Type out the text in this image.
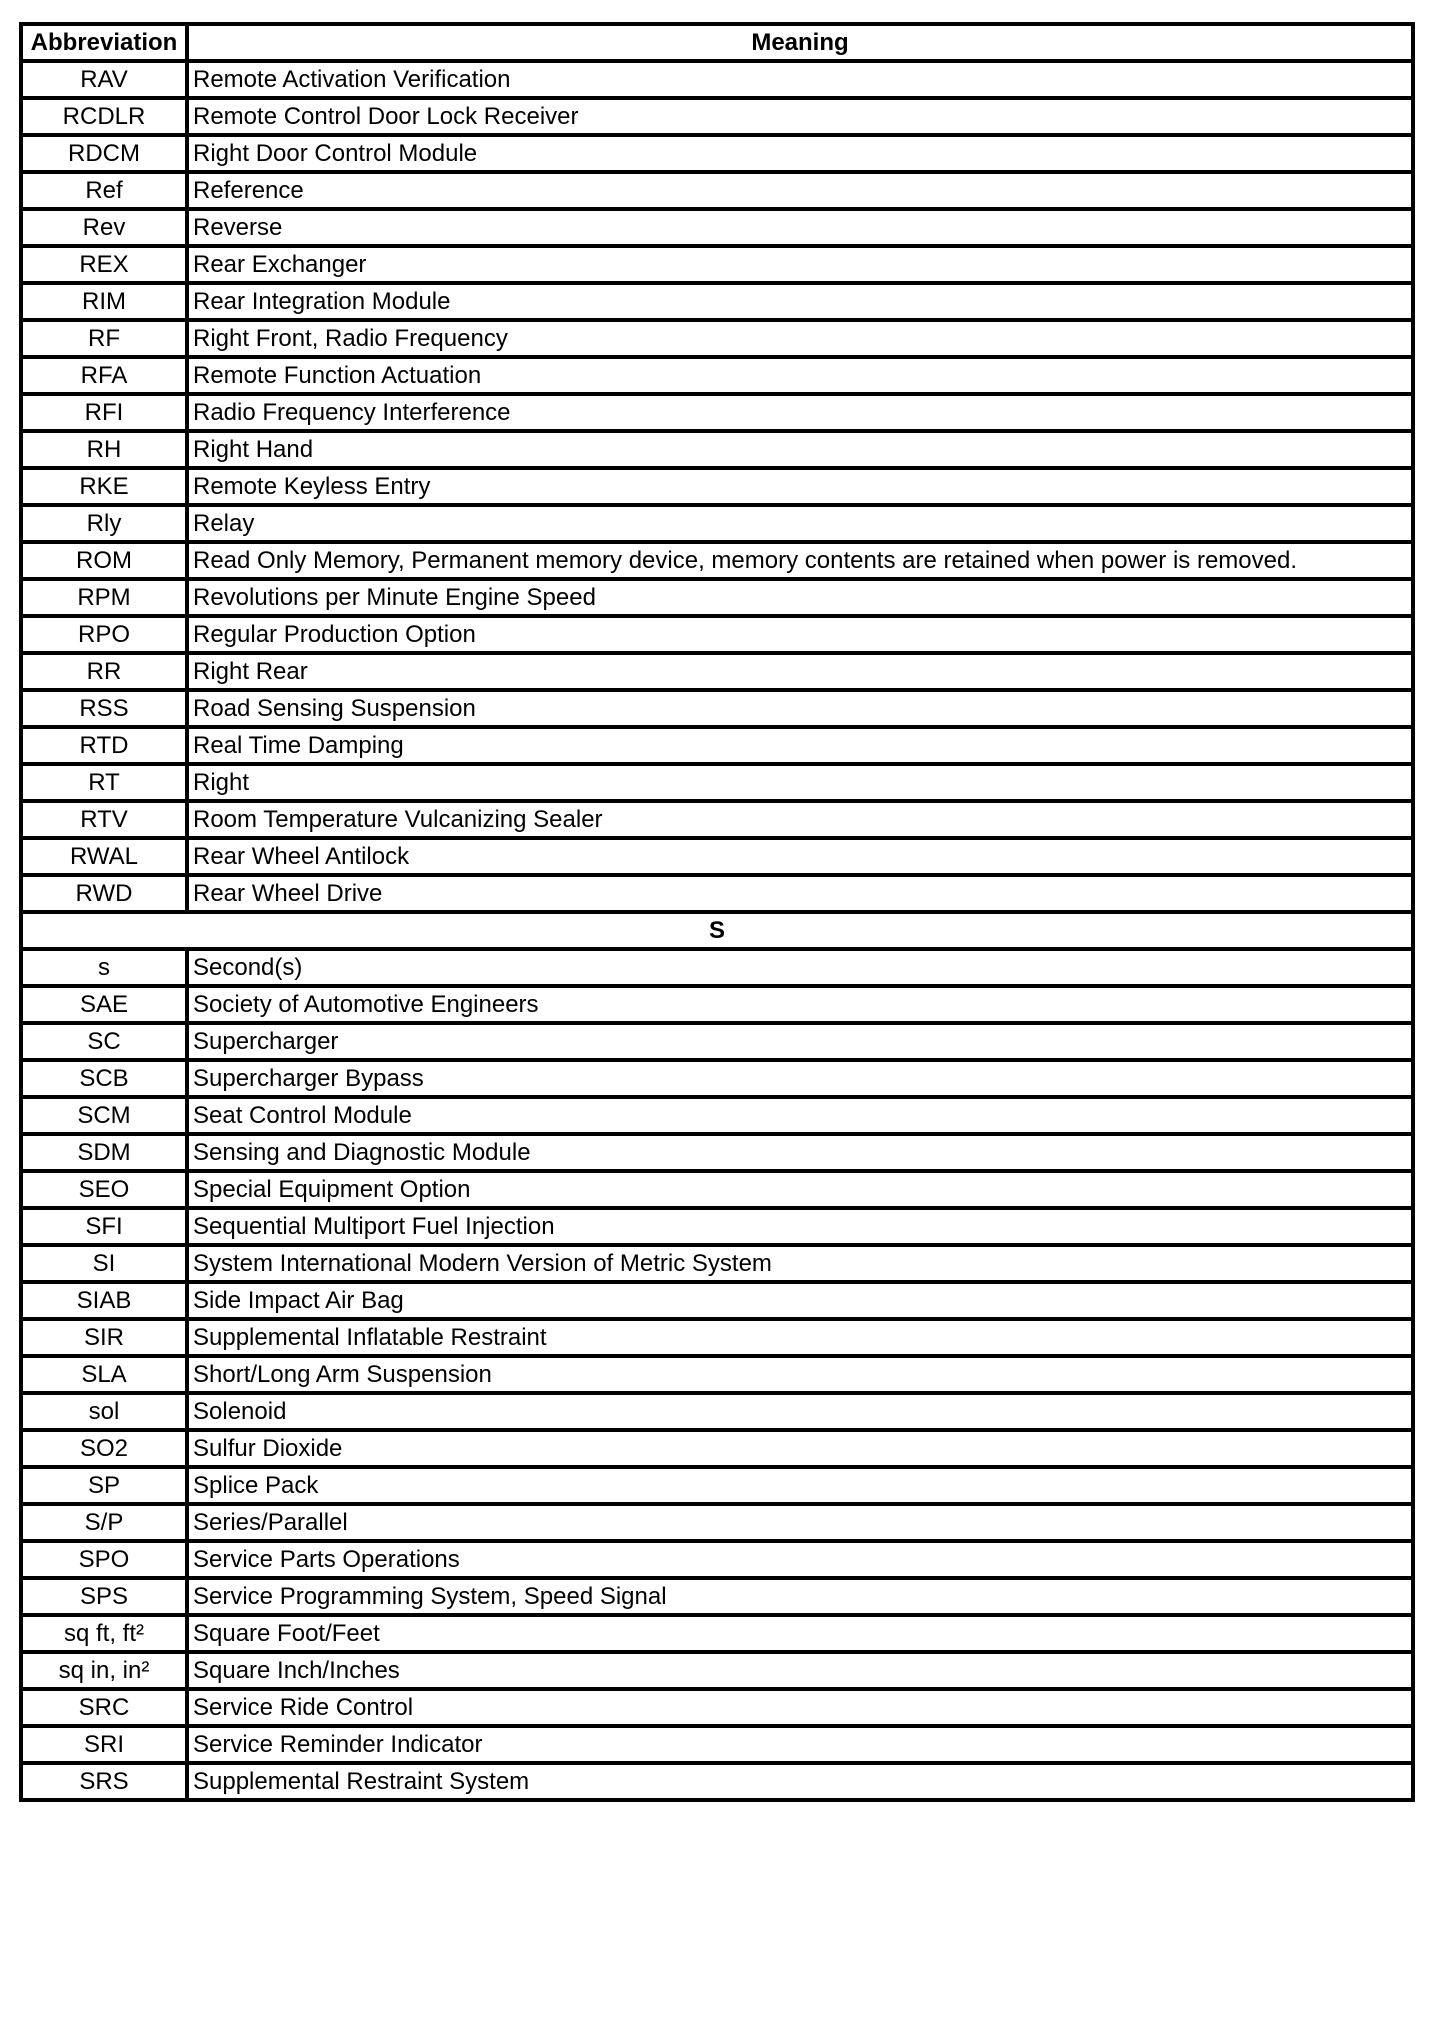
Abbreviation	Meaning
RAV	Remote Activation Verification
RCDLR	Remote Control Door Lock Receiver
RDCM	Right Door Control Module
Ref	Reference
Rev	Reverse
REX	Rear Exchanger
RIM	Rear Integration Module
RF	Right Front, Radio Frequency
RFA	Remote Function Actuation
RFI	Radio Frequency Interference
RH	Right Hand
RKE	Remote Keyless Entry
Rly	Relay
ROM	Read Only Memory, Permanent memory device, memory contents are retained when power is removed.
RPM	Revolutions per Minute Engine Speed
RPO	Regular Production Option
RR	Right Rear
RSS	Road Sensing Suspension
RTD	Real Time Damping
RT	Right
RTV	Room Temperature Vulcanizing Sealer
RWAL	Rear Wheel Antilock
RWD	Rear Wheel Drive
S	
s	Second(s)
SAE	Society of Automotive Engineers
SC	Supercharger
SCB	Supercharger Bypass
SCM	Seat Control Module
SDM	Sensing and Diagnostic Module
SEO	Special Equipment Option
SFI	Sequential Multiport Fuel Injection
SI	System International Modern Version of Metric System
SIAB	Side Impact Air Bag
SIR	Supplemental Inflatable Restraint
SLA	Short/Long Arm Suspension
sol	Solenoid
SO2	Sulfur Dioxide
SP	Splice Pack
S/P	Series/Parallel
SPO	Service Parts Operations
SPS	Service Programming System, Speed Signal
sq ft, ft²	Square Foot/Feet
sq in, in²	Square Inch/Inches
SRC	Service Ride Control
SRI	Service Reminder Indicator
SRS	Supplemental Restraint System
